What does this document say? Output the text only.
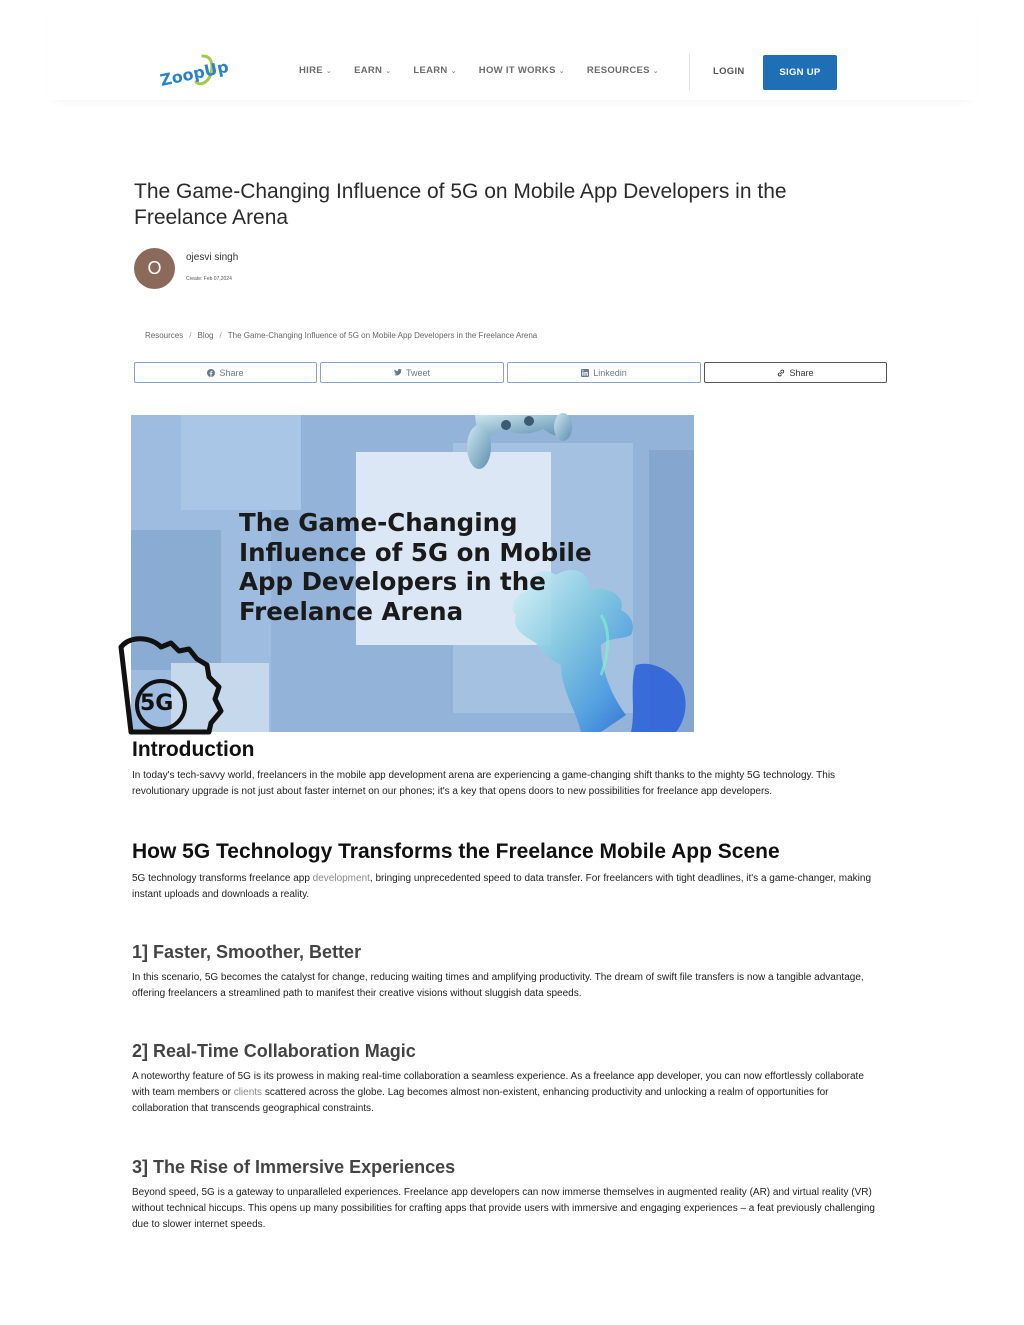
ZoopUp	HIRE ⌄ EARN ⌄ LEARN ⌄ HOW IT WORKS ⌄ RESOURCES ⌄	LOGIN	SIGN UP
The Game-Changing Influence of 5G on Mobile App Developers in the Freelance Arena
O
ojesvi singh
Create: Feb 07,2024
Resources / Blog / The Game-Changing Influence of 5G on Mobile App Developers in the Freelance Arena
Share	Tweet	Linkedin	Share
5G
The Game-Changing Influence of 5G on Mobile App Developers in the Freelance Arena
Introduction

In today's tech-savvy world, freelancers in the mobile app development arena are experiencing a game-changing shift thanks to the mighty 5G technology. This revolutionary upgrade is not just about faster internet on our phones; it's a key that opens doors to new possibilities for freelance app developers.

How 5G Technology Transforms the Freelance Mobile App Scene

5G technology transforms freelance app development, bringing unprecedented speed to data transfer. For freelancers with tight deadlines, it's a game-changer, making instant uploads and downloads a reality.

1] Faster, Smoother, Better

In this scenario, 5G becomes the catalyst for change, reducing waiting times and amplifying productivity. The dream of swift file transfers is now a tangible advantage, offering freelancers a streamlined path to manifest their creative visions without sluggish data speeds.

2] Real-Time Collaboration Magic

A noteworthy feature of 5G is its prowess in making real-time collaboration a seamless experience. As a freelance app developer, you can now effortlessly collaborate with team members or clients scattered across the globe. Lag becomes almost non-existent, enhancing productivity and unlocking a realm of opportunities for collaboration that transcends geographical constraints.

3] The Rise of Immersive Experiences

Beyond speed, 5G is a gateway to unparalleled experiences. Freelance app developers can now immerse themselves in augmented reality (AR) and virtual reality (VR) without technical hiccups. This opens up many possibilities for crafting apps that provide users with immersive and engaging experiences – a feat previously challenging due to slower internet speeds.
